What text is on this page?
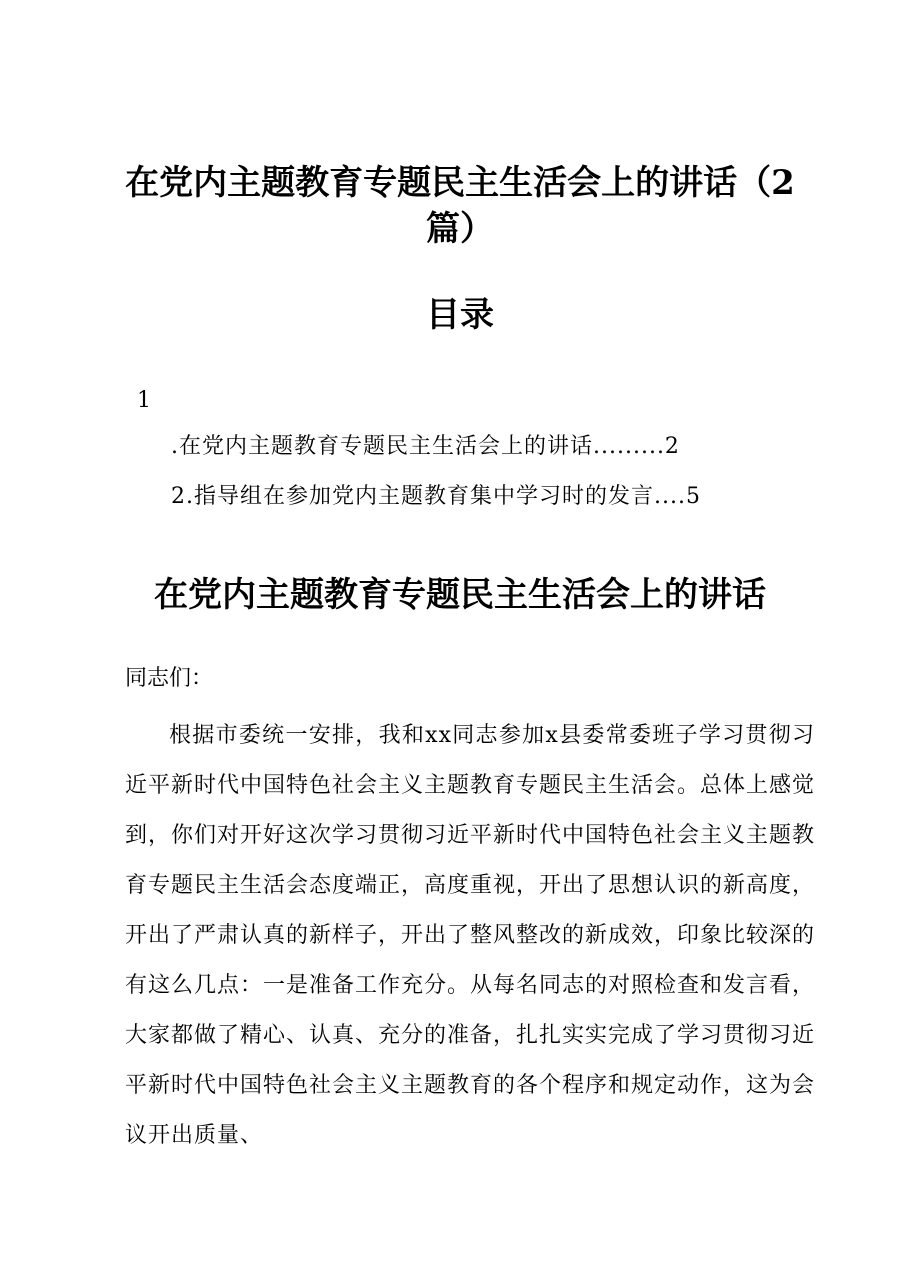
在党内主题教育专题民主生活会上的讲话（2篇）
目录
1
.在党内主题教育专题民主生活会上的讲话.........2
2.指导组在参加党内主题教育集中学习时的发言....5
在党内主题教育专题民主生活会上的讲话
同志们：
根据市委统一安排，我和xx同志参加x县委常委班子学习贯彻习近平新时代中国特色社会主义主题教育专题民主生活会。总体上感觉到，你们对开好这次学习贯彻习近平新时代中国特色社会主义主题教育专题民主生活会态度端正，高度重视，开出了思想认识的新高度，开出了严肃认真的新样子，开出了整风整改的新成效，印象比较深的有这么几点：一是准备工作充分。从每名同志的对照检查和发言看，大家都做了精心、认真、充分的准备，扎扎实实完成了学习贯彻习近平新时代中国特色社会主义主题教育的各个程序和规定动作，这为会议开出质量、
